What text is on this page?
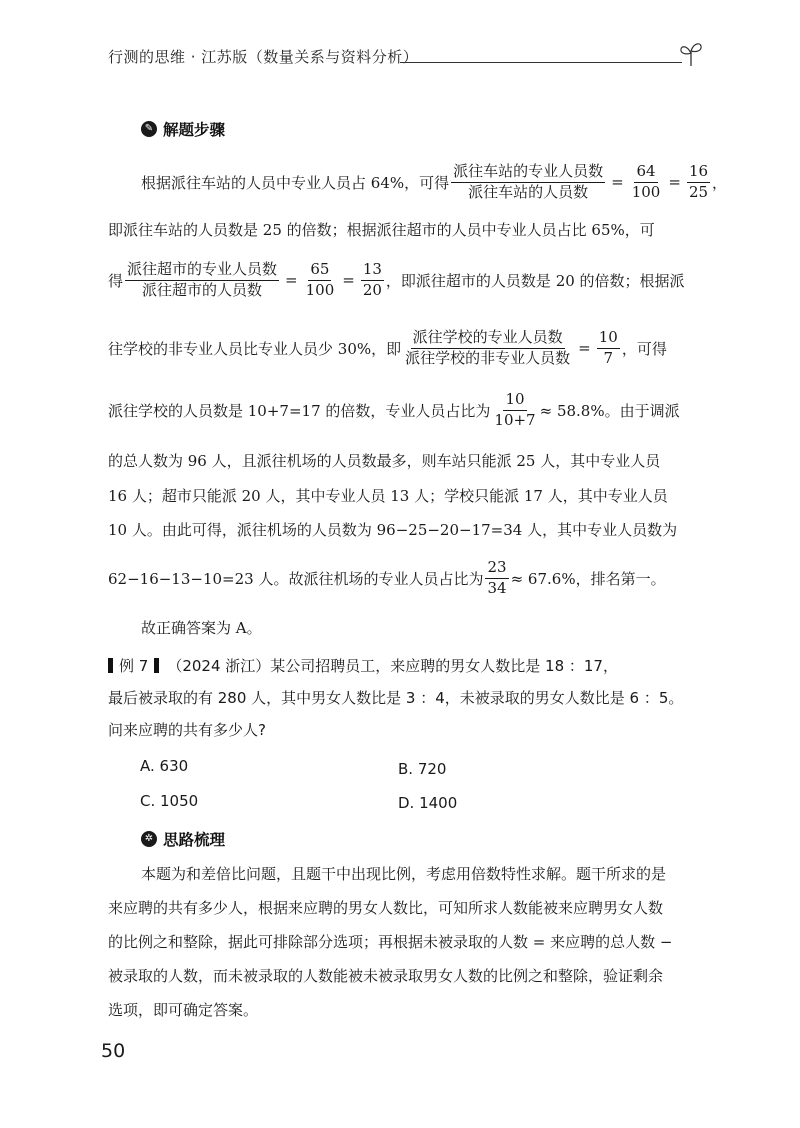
行测的思维 · 江苏版（数量关系与资料分析）
✎ 解题步骤
根据派往车站的人员中专业人员占 64%，可得 $\frac{\text{派往车站的专业人员数}}{\text{派往车站的人员数}} = \frac{64}{100} = \frac{16}{25}$ ，
即派往车站的人员数是 25 的倍数；根据派往超市的人员中专业人员占比 65%，可
得 $\frac{\text{派往超市的专业人员数}}{\text{派往超市的人员数}} = \frac{65}{100} = \frac{13}{20}$ ，即派往超市的人员数是 20 的倍数；根据派
往学校的非专业人员比专业人员少 30%，即 $\frac{\text{派往学校的专业人员数}}{\text{派往学校的非专业人员数}} = \frac{10}{7}$ ，可得
派往学校的人员数是 10+7=17 的倍数，专业人员占比为 $\frac{10}{10+7} \approx 58.8\%$。由于调派
的总人数为 96 人，且派往机场的人员数最多，则车站只能派 25 人，其中专业人员
16 人；超市只能派 20 人，其中专业人员 13 人；学校只能派 17 人，其中专业人员
10 人。由此可得，派往机场的人员数为 96−25−20−17=34 人，其中专业人员数为
62−16−13−10=23 人。故派往机场的专业人员占比为 $\frac{23}{34} \approx 67.6\%$，排名第一。
故正确答案为 A。
例 7 （2024 浙江）某公司招聘员工，来应聘的男女人数比是 18 ：17，
最后被录取的有 280 人，其中男女人数比是 3 ：4，未被录取的男女人数比是 6 ：5。
问来应聘的共有多少人?
A. 630	B. 720
C. 1050	D. 1400
✲ 思路梳理
本题为和差倍比问题，且题干中出现比例，考虑用倍数特性求解。题干所求的是
来应聘的共有多少人，根据来应聘的男女人数比，可知所求人数能被来应聘男女人数
的比例之和整除，据此可排除部分选项；再根据未被录取的人数 = 来应聘的总人数 −
被录取的人数，而未被录取的人数能被未被录取男女人数的比例之和整除，验证剩余
选项，即可确定答案。
50
